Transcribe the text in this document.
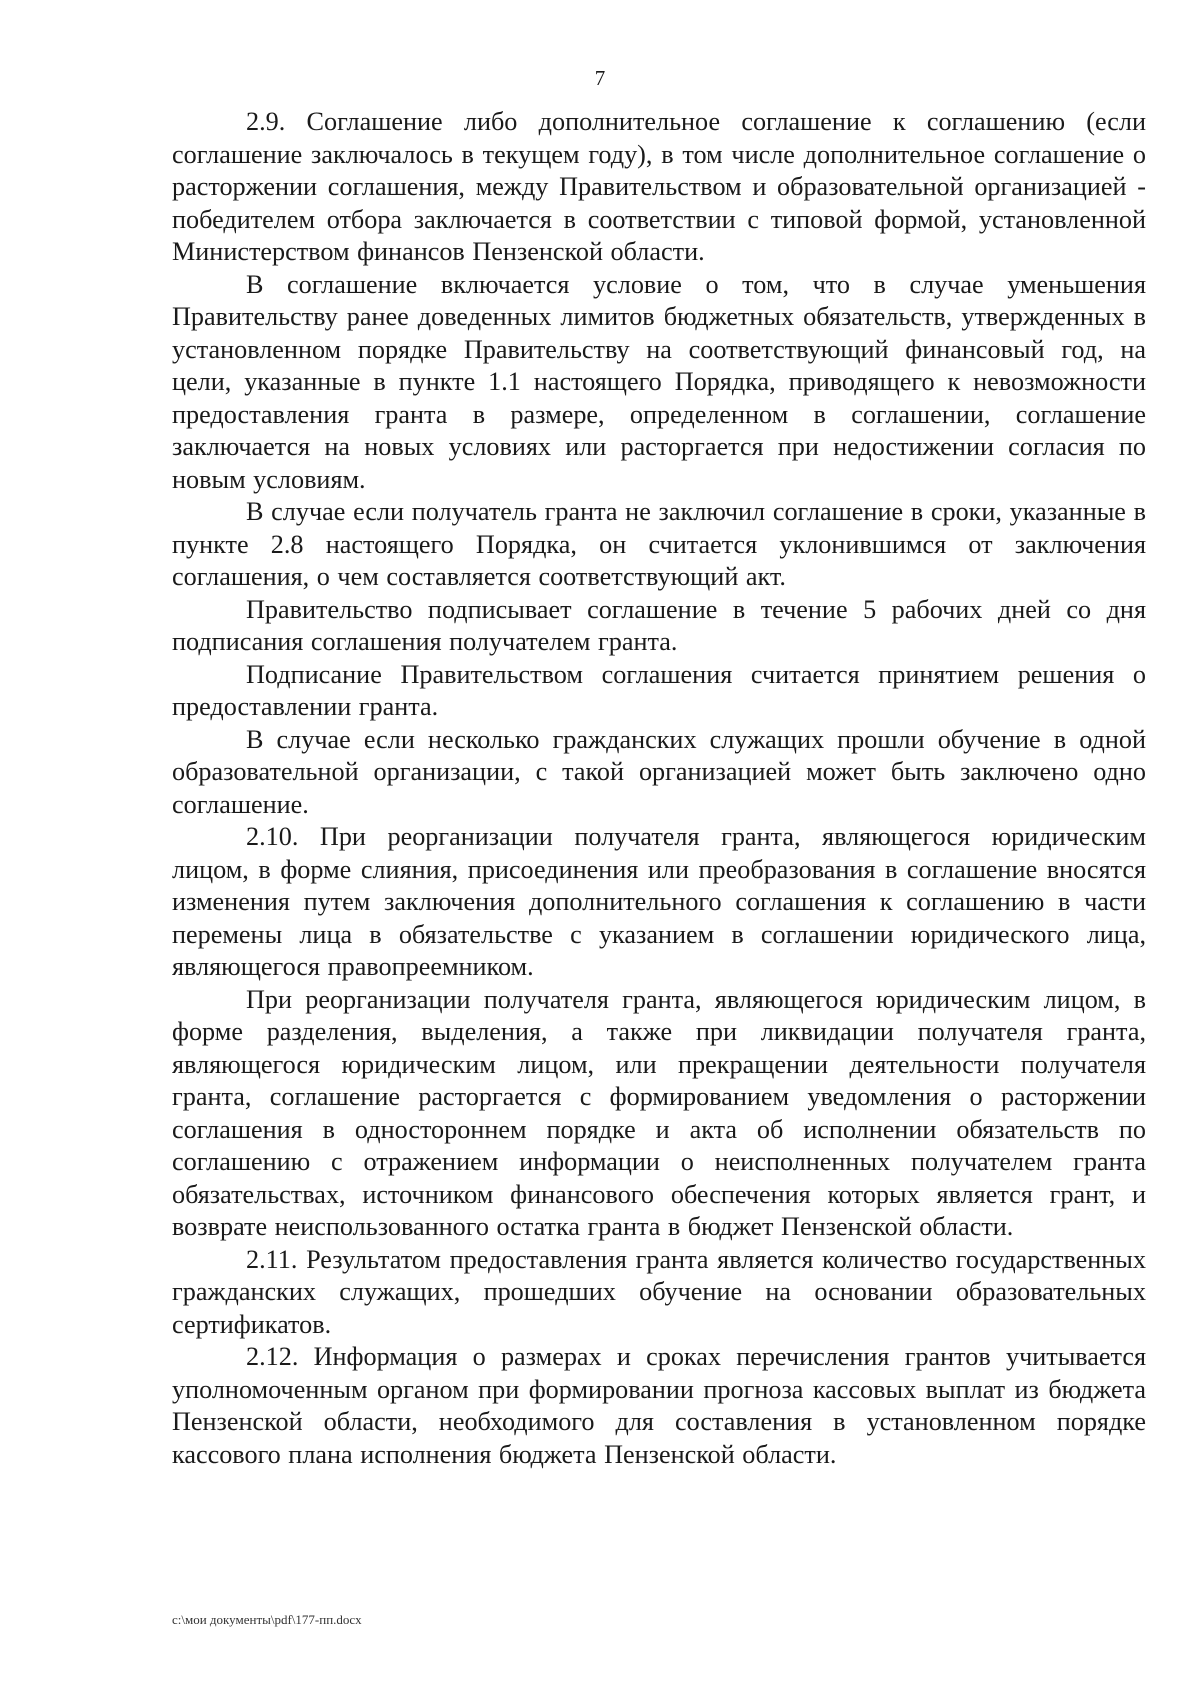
7

2.9. Соглашение либо дополнительное соглашение к соглашению (если соглашение заключалось в текущем году), в том числе дополнительное соглашение о расторжении соглашения, между Правительством и образовательной организацией - победителем отбора заключается в соответствии с типовой формой, установленной Министерством финансов Пензенской области.

В соглашение включается условие о том, что в случае уменьшения Правительству ранее доведенных лимитов бюджетных обязательств, утвержденных в установленном порядке Правительству на соответствующий финансовый год, на цели, указанные в пункте 1.1 настоящего Порядка, приводящего к невозможности предоставления гранта в размере, определенном в соглашении, соглашение заключается на новых условиях или расторгается при недостижении согласия по новым условиям.

В случае если получатель гранта не заключил соглашение в сроки, указанные в пункте 2.8 настоящего Порядка, он считается уклонившимся от заключения соглашения, о чем составляется соответствующий акт.

Правительство подписывает соглашение в течение 5 рабочих дней со дня подписания соглашения получателем гранта.

Подписание Правительством соглашения считается принятием решения о предоставлении гранта.

В случае если несколько гражданских служащих прошли обучение в одной образовательной организации, с такой организацией может быть заключено одно соглашение.

2.10. При реорганизации получателя гранта, являющегося юридическим лицом, в форме слияния, присоединения или преобразования в соглашение вносятся изменения путем заключения дополнительного соглашения к соглашению в части перемены лица в обязательстве с указанием в соглашении юридического лица, являющегося правопреемником.

При реорганизации получателя гранта, являющегося юридическим лицом, в форме разделения, выделения, а также при ликвидации получателя гранта, являющегося юридическим лицом, или прекращении деятельности получателя гранта, соглашение расторгается с формированием уведомления о расторжении соглашения в одностороннем порядке и акта об исполнении обязательств по соглашению с отражением информации о неисполненных получателем гранта обязательствах, источником финансового обеспечения которых является грант, и возврате неиспользованного остатка гранта в бюджет Пензенской области.

2.11. Результатом предоставления гранта является количество государственных гражданских служащих, прошедших обучение на основании образовательных сертификатов.

2.12. Информация о размерах и сроках перечисления грантов учитывается уполномоченным органом при формировании прогноза кассовых выплат из бюджета Пензенской области, необходимого для составления в установленном порядке кассового плана исполнения бюджета Пензенской области.

c:\мои документы\pdf\177-пп.docx
